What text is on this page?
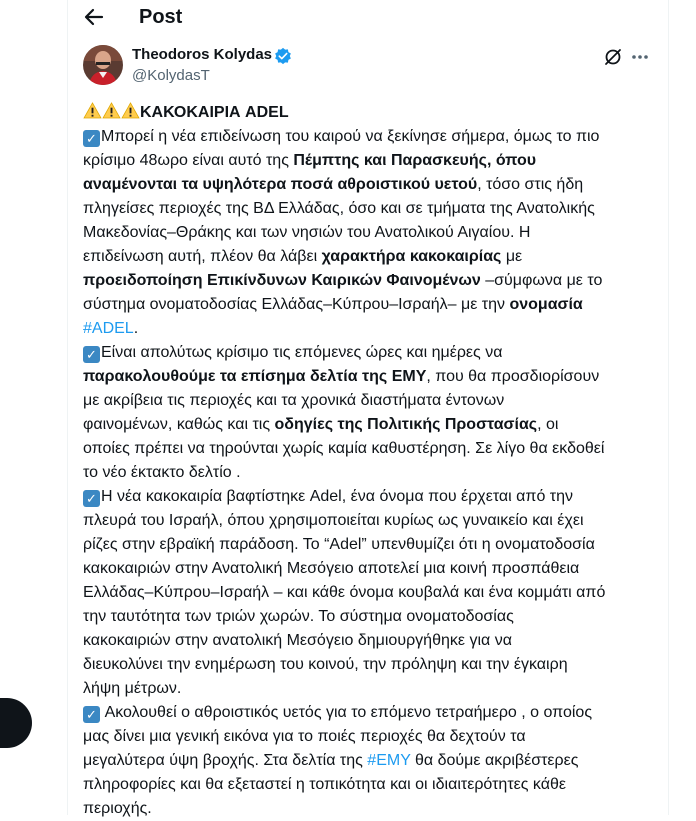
Post
Theodoros Kolydas
@KolydasT
ΚΑΚΟΚΑΙΡΙΑ ADEL
✓ Μπορεί η νέα επιδείνωση του καιρού να ξεκίνησε σήμερα, όμως το πιο
κρίσιμο 48ωρο είναι αυτό της Πέμπτης και Παρασκευής, όπου
αναμένονται τα υψηλότερα ποσά αθροιστικού υετού, τόσο στις ήδη
πληγείσες περιοχές της ΒΔ Ελλάδας, όσο και σε τμήματα της Ανατολικής
Μακεδονίας–Θράκης και των νησιών του Ανατολικού Αιγαίου. Η
επιδείνωση αυτή, πλέον θα λάβει χαρακτήρα κακοκαιρίας με
προειδοποίηση Επικίνδυνων Καιρικών Φαινομένων –σύμφωνα με το
σύστημα ονοματοδοσίας Ελλάδας–Κύπρου–Ισραήλ– με την ονομασία
#ADEL.
✓ Είναι απολύτως κρίσιμο τις επόμενες ώρες και ημέρες να
παρακολουθούμε τα επίσημα δελτία της ΕΜΥ, που θα προσδιορίσουν
με ακρίβεια τις περιοχές και τα χρονικά διαστήματα έντονων
φαινομένων, καθώς και τις οδηγίες της Πολιτικής Προστασίας, οι
οποίες πρέπει να τηρούνται χωρίς καμία καθυστέρηση. Σε λίγο θα εκδοθεί
το νέο έκτακτο δελτίο .
✓ Η νέα κακοκαιρία βαφτίστηκε Adel, ένα όνομα που έρχεται από την
πλευρά του Ισραήλ, όπου χρησιμοποιείται κυρίως ως γυναικείο και έχει
ρίζες στην εβραϊκή παράδοση. Το “Adel” υπενθυμίζει ότι η ονοματοδοσία
κακοκαιριών στην Ανατολική Μεσόγειο αποτελεί μια κοινή προσπάθεια
Ελλάδας–Κύπρου–Ισραήλ – και κάθε όνομα κουβαλά και ένα κομμάτι από
την ταυτότητα των τριών χωρών. Το σύστημα ονοματοδοσίας
κακοκαιριών στην ανατολική Μεσόγειο δημιουργήθηκε για να
διευκολύνει την ενημέρωση του κοινού, την πρόληψη και την έγκαιρη
λήψη μέτρων.
✓ Ακολουθεί ο αθροιστικός υετός για το επόμενο τετραήμερο , ο οποίος
μας δίνει μια γενική εικόνα για το ποιές περιοχές θα δεχτούν τα
μεγαλύτερα ύψη βροχής. Στα δελτία της #ΕΜΥ θα δούμε ακριβέστερες
πληροφορίες και θα εξεταστεί η τοπικότητα και οι ιδιαιτερότητες κάθε
περιοχής.
